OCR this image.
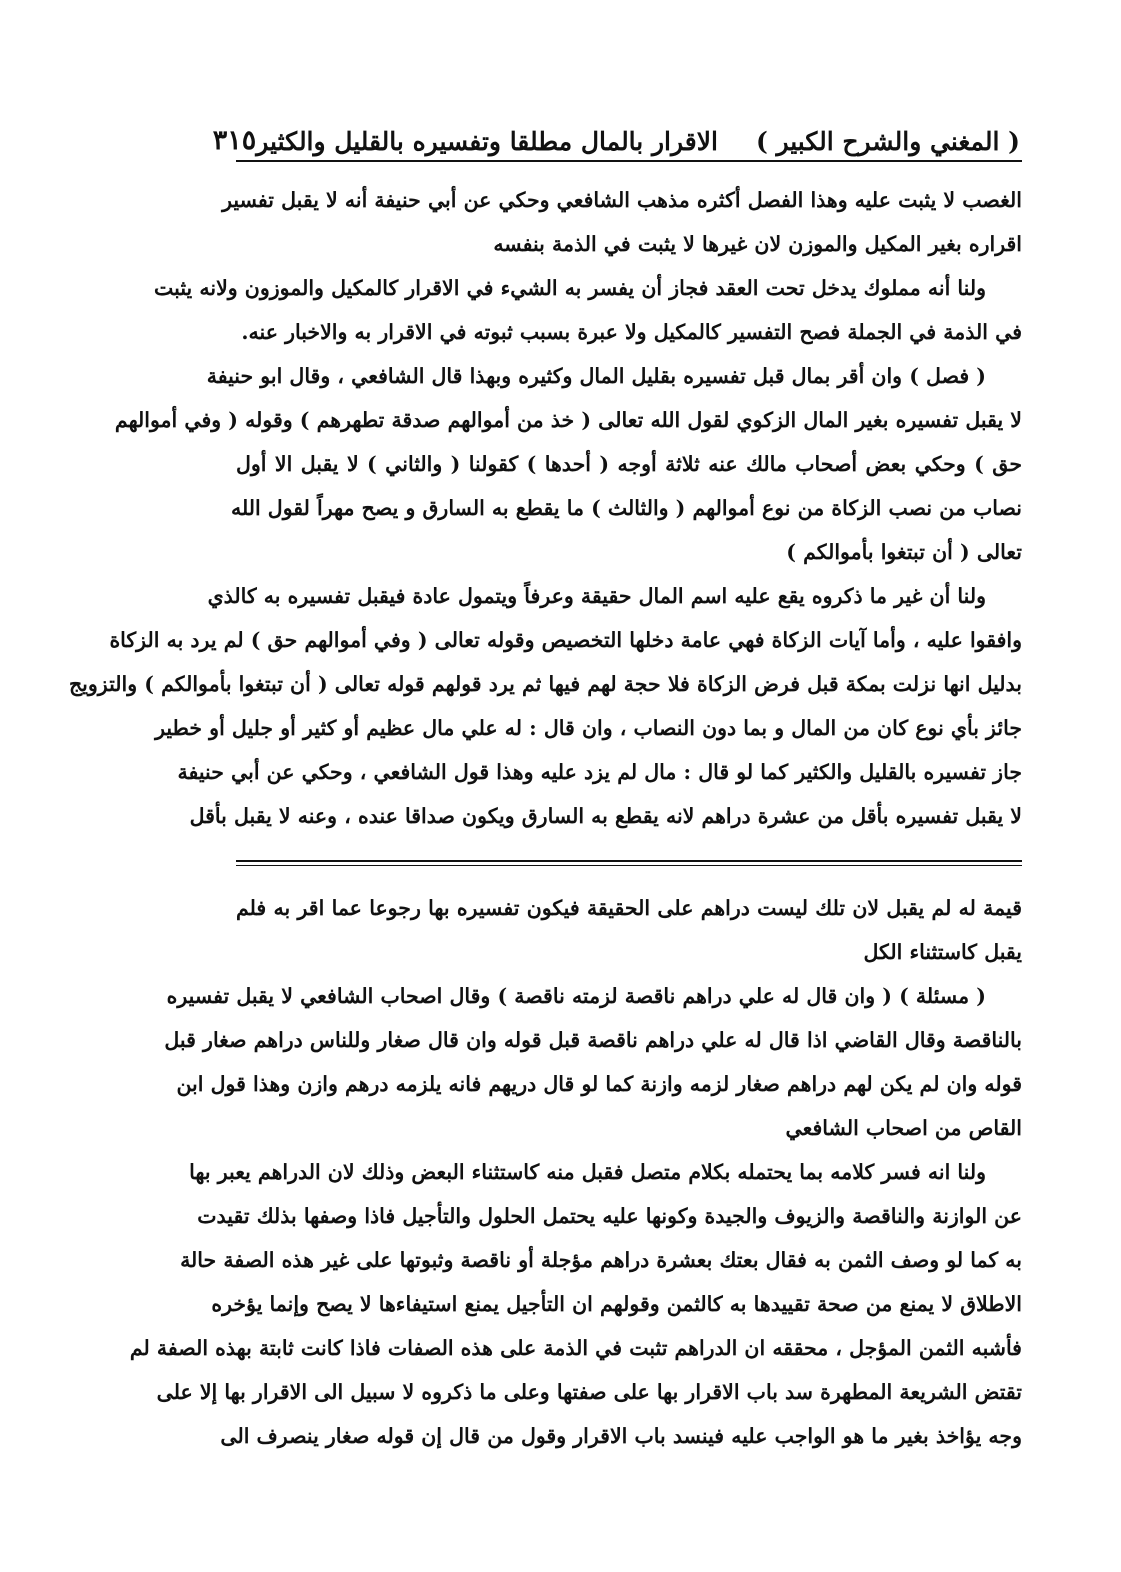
( المغني والشرح الكبير )
الاقرار بالمال مطلقا وتفسيره بالقليل والكثير
٣١٥
الغصب لا يثبت عليه وهذا الفصل أكثره مذهب الشافعي وحكي عن أبي حنيفة أنه لا يقبل تفسير
اقراره بغير المكيل والموزن لان غيرها لا يثبت في الذمة بنفسه
ولنا أنه مملوك يدخل تحت العقد فجاز أن يفسر به الشيء في الاقرار كالمكيل والموزون ولانه يثبت
في الذمة في الجملة فصح التفسير كالمكيل ولا عبرة بسبب ثبوته في الاقرار به والاخبار عنه.
( فصل ) وان أقر بمال قبل تفسيره بقليل المال وكثيره وبهذا قال الشافعي ، وقال ابو حنيفة
لا يقبل تفسيره بغير المال الزكوي لقول الله تعالى ( خذ من أموالهم صدقة تطهرهم ) وقوله ( وفي أموالهم
حق ) وحكي بعض أصحاب مالك عنه ثلاثة أوجه ( أحدها ) كقولنا ( والثاني ) لا يقبل الا أول
نصاب من نصب الزكاة من نوع أموالهم ( والثالث ) ما يقطع به السارق و يصح مهراً لقول الله
تعالى ( أن تبتغوا بأموالكم )
ولنا أن غير ما ذكروه يقع عليه اسم المال حقيقة وعرفاً ويتمول عادة فيقبل تفسيره به كالذي
وافقوا عليه ، وأما آيات الزكاة فهي عامة دخلها التخصيص وقوله تعالى ( وفي أموالهم حق ) لم يرد به الزكاة
بدليل انها نزلت بمكة قبل فرض الزكاة فلا حجة لهم فيها ثم يرد قولهم قوله تعالى ( أن تبتغوا بأموالكم ) والتزويج
جائز بأي نوع كان من المال و بما دون النصاب ، وان قال : له علي مال عظيم أو كثير أو جليل أو خطير
جاز تفسيره بالقليل والكثير كما لو قال : مال لم يزد عليه وهذا قول الشافعي ، وحكي عن أبي حنيفة
لا يقبل تفسيره بأقل من عشرة دراهم لانه يقطع به السارق ويكون صداقا عنده ، وعنه لا يقبل بأقل
قيمة له لم يقبل لان تلك ليست دراهم على الحقيقة فيكون تفسيره بها رجوعا عما اقر به فلم
يقبل كاستثناء الكل
( مسئلة ) ( وان قال له علي دراهم ناقصة لزمته ناقصة ) وقال اصحاب الشافعي لا يقبل تفسيره
بالناقصة وقال القاضي اذا قال له علي دراهم ناقصة قبل قوله وان قال صغار وللناس دراهم صغار قبل
قوله وان لم يكن لهم دراهم صغار لزمه وازنة كما لو قال دريهم فانه يلزمه درهم وازن وهذا قول ابن
القاص من اصحاب الشافعي
ولنا انه فسر كلامه بما يحتمله بكلام متصل فقبل منه كاستثناء البعض وذلك لان الدراهم يعبر بها
عن الوازنة والناقصة والزيوف والجيدة وكونها عليه يحتمل الحلول والتأجيل فاذا وصفها بذلك تقيدت
به كما لو وصف الثمن به فقال بعتك بعشرة دراهم مؤجلة أو ناقصة وثبوتها على غير هذه الصفة حالة
الاطلاق لا يمنع من صحة تقييدها به كالثمن وقولهم ان التأجيل يمنع استيفاءها لا يصح وإنما يؤخره
فأشبه الثمن المؤجل ، محققه ان الدراهم تثبت في الذمة على هذه الصفات فاذا كانت ثابتة بهذه الصفة لم
تقتض الشريعة المطهرة سد باب الاقرار بها على صفتها وعلى ما ذكروه لا سبيل الى الاقرار بها إلا على
وجه يؤاخذ بغير ما هو الواجب عليه فينسد باب الاقرار وقول من قال إن قوله صغار ينصرف الى
